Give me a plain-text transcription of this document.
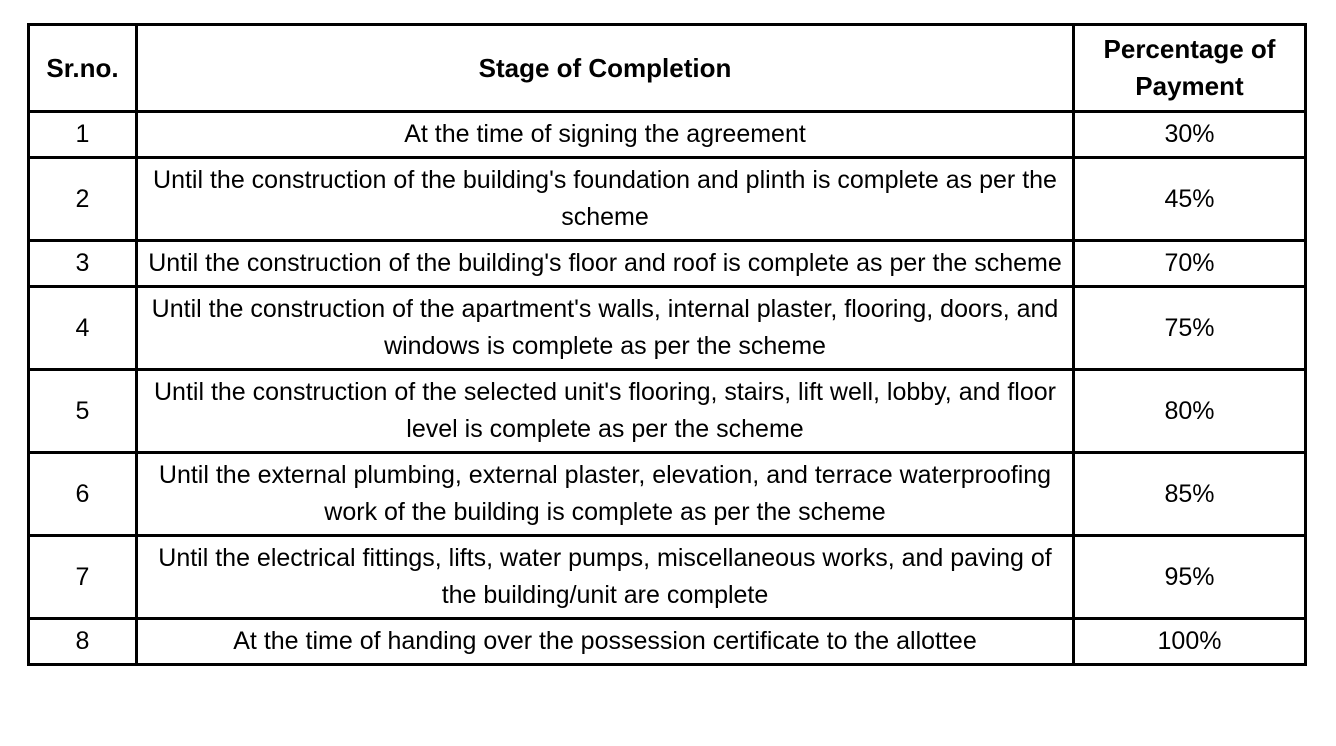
Sr.no.	Stage of Completion	Percentage of Payment
1	At the time of signing the agreement	30%
2	Until the construction of the building's foundation and plinth is complete as per the scheme	45%
3	Until the construction of the building's floor and roof is complete as per the scheme	70%
4	Until the construction of the apartment's walls, internal plaster, flooring, doors, and windows is complete as per the scheme	75%
5	Until the construction of the selected unit's flooring, stairs, lift well, lobby, and floor level is complete as per the scheme	80%
6	Until the external plumbing, external plaster, elevation, and terrace waterproofing work of the building is complete as per the scheme	85%
7	Until the electrical fittings, lifts, water pumps, miscellaneous works, and paving of the building/unit are complete	95%
8	At the time of handing over the possession certificate to the allottee	100%
